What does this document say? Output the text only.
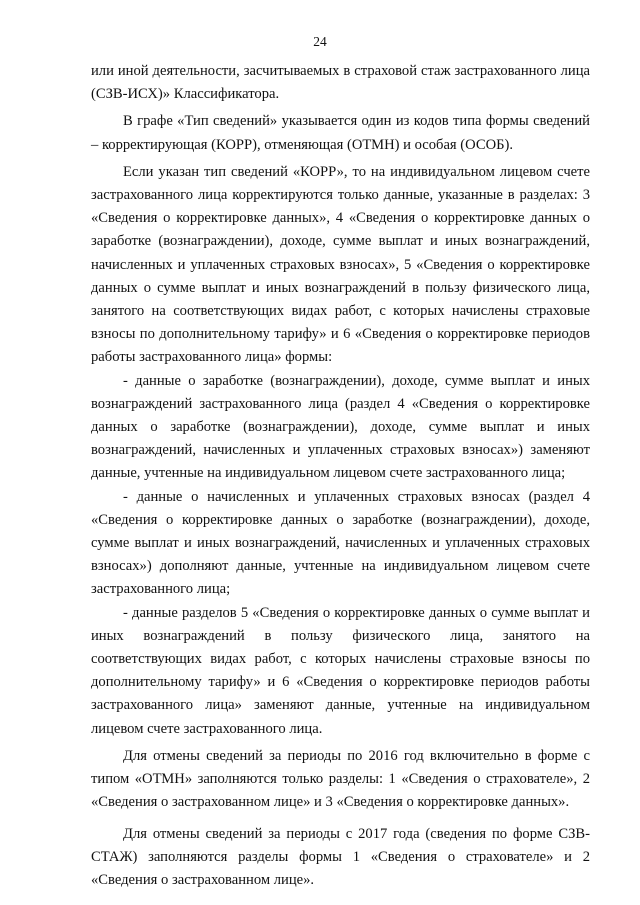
24

или иной деятельности, засчитываемых в страховой стаж застрахованного лица (СЗВ-ИСХ)» Классификатора.

В графе «Тип сведений» указывается один из кодов типа формы сведений – корректирующая (КОРР), отменяющая (ОТМН) и особая (ОСОБ).

Если указан тип сведений «КОРР», то на индивидуальном лицевом счете застрахованного лица корректируются только данные, указанные в разделах: 3 «Сведения о корректировке данных», 4 «Сведения о корректировке данных о заработке (вознаграждении), доходе, сумме выплат и иных вознаграждений, начисленных и уплаченных страховых взносах», 5 «Сведения о корректировке данных о сумме выплат и иных вознаграждений в пользу физического лица, занятого на соответствующих видах работ, с которых начислены страховые взносы по дополнительному тарифу» и 6 «Сведения о корректировке периодов работы застрахованного лица» формы:

- данные о заработке (вознаграждении), доходе, сумме выплат и иных вознаграждений застрахованного лица (раздел 4 «Сведения о корректировке данных о заработке (вознаграждении), доходе, сумме выплат и иных вознаграждений, начисленных и уплаченных страховых взносах») заменяют данные, учтенные на индивидуальном лицевом счете застрахованного лица;

- данные о начисленных и уплаченных страховых взносах (раздел 4 «Сведения о корректировке данных о заработке (вознаграждении), доходе, сумме выплат и иных вознаграждений, начисленных и уплаченных страховых взносах») дополняют данные, учтенные на индивидуальном лицевом счете застрахованного лица;

- данные разделов 5 «Сведения о корректировке данных о сумме выплат и иных вознаграждений в пользу физического лица, занятого на соответствующих видах работ, с которых начислены страховые взносы по дополнительному тарифу» и 6 «Сведения о корректировке периодов работы застрахованного лица» заменяют данные, учтенные на индивидуальном лицевом счете застрахованного лица.

Для отмены сведений за периоды по 2016 год включительно в форме с типом «ОТМН» заполняются только разделы: 1 «Сведения о страхователе», 2 «Сведения о застрахованном лице» и 3 «Сведения о корректировке данных».

Для отмены сведений за периоды с 2017 года (сведения по форме СЗВ-СТАЖ) заполняются разделы формы 1 «Сведения о страхователе» и 2 «Сведения о застрахованном лице».
